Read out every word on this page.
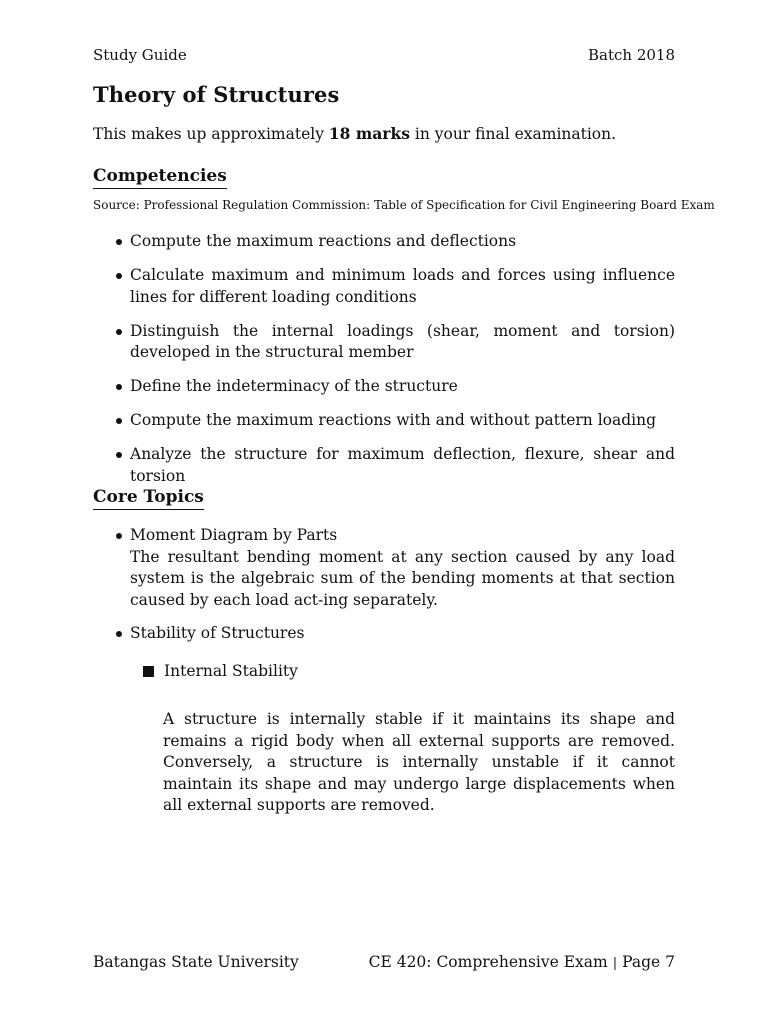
Study Guide	Batch 2018
Theory of Structures

This makes up approximately 18 marks in your final examination.

Competencies
Source: Professional Regulation Commission: Table of Specification for Civil Engineering Board Exam
Compute the maximum reactions and deflections
Calculate maximum and minimum loads and forces using influence lines for different loading conditions
Distinguish the internal loadings (shear, moment and torsion) developed in the structural member
Define the indeterminacy of the structure
Compute the maximum reactions with and without pattern loading
Analyze the structure for maximum deflection, flexure, shear and torsion
Core Topics
Moment Diagram by Parts
The resultant bending moment at any section caused by any load system is the algebraic sum of the bending moments at that section caused by each load act-ing separately.
Stability of Structures
Internal Stability

A structure is internally stable if it maintains its shape and remains a rigid body when all external supports are removed. Conversely, a structure is internally unstable if it cannot maintain its shape and may undergo large displacements when all external supports are removed.

Batangas State University	CE 420: Comprehensive Exam | Page 7
